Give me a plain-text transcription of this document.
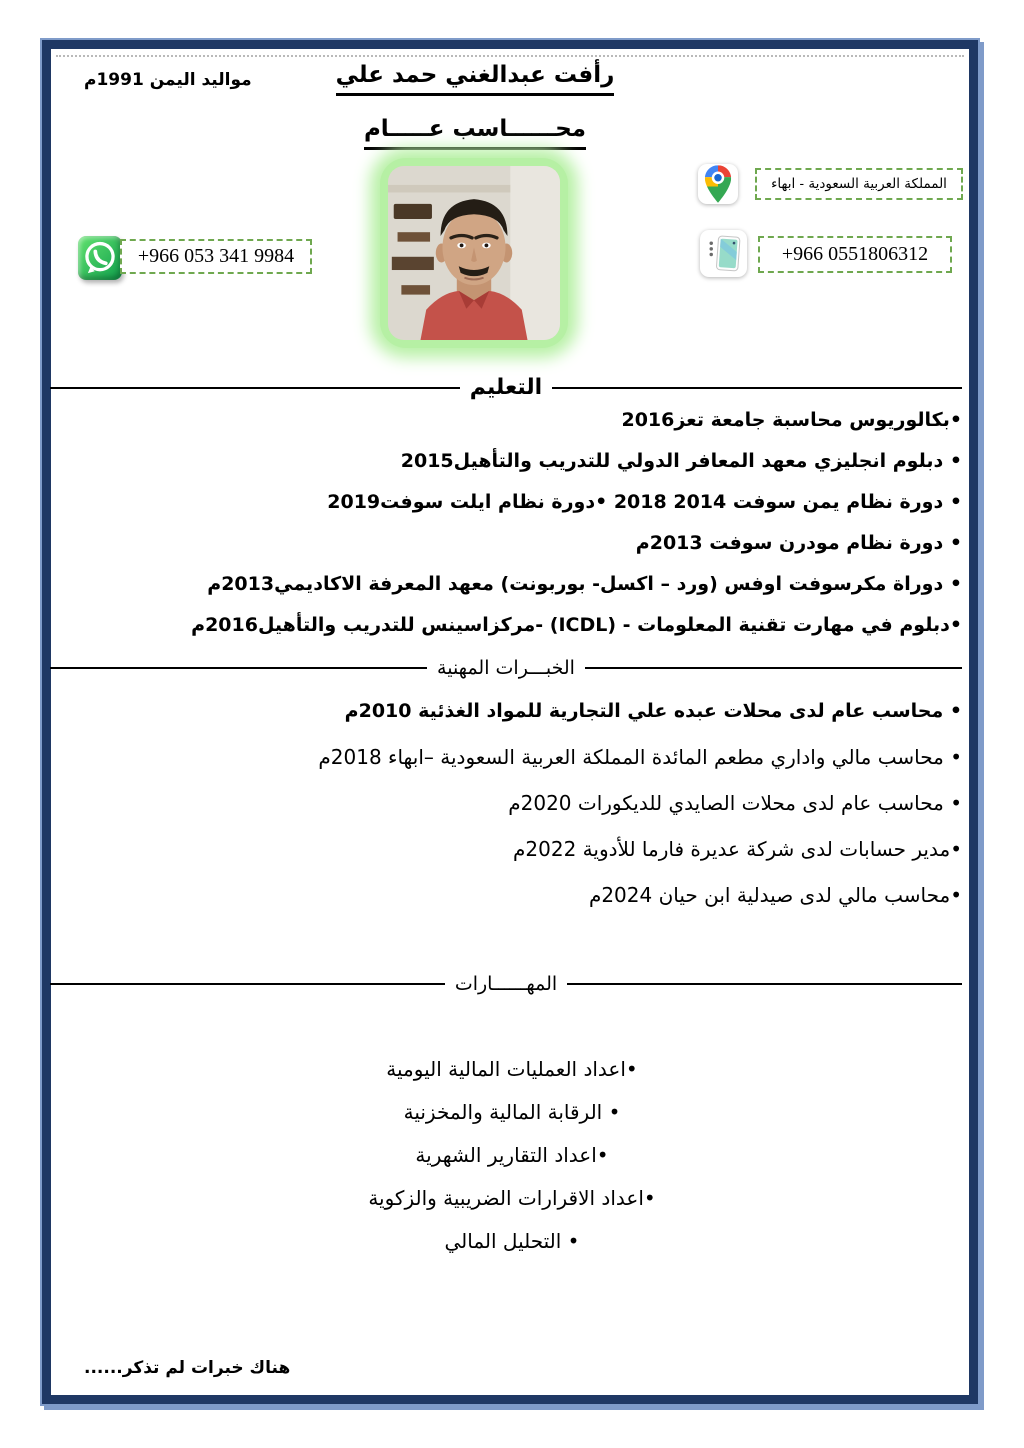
مواليد اليمن 1991م	رأفت عبدالغني حمد علي
محــــــاسب عـــــام
المملكة العربية السعودية - ابهاء
+966 0551806312
+966 053 341 9984
التعليم
•بكالوريوس محاسبة جامعة تعز2016
• دبلوم انجليزي معهد المعافر الدولي للتدريب والتأهيل2015
• دورة نظام يمن سوفت 2014 2018 •دورة نظام ايلت سوفت2019
• دورة نظام مودرن سوفت 2013م
• دوراة مكرسوفت اوفس (ورد – اكسل- بوربونت) معهد المعرفة الاكاديمي2013م
•دبلوم في مهارت تقنية المعلومات - (ICDL) -مركزاسينس للتدريب والتأهيل2016م
الخبـــرات المهنية
• محاسب عام لدى محلات عبده علي التجارية للمواد الغذئية 2010م
• محاسب مالي واداري مطعم المائدة المملكة العربية السعودية –ابهاء 2018م
• محاسب عام لدى محلات الصايدي للديكورات 2020م
•مدير حسابات لدى شركة عديرة فارما للأدوية 2022م
•محاسب مالي لدى صيدلية ابن حيان 2024م
المهــــــارات
•اعداد العمليات المالية اليومية
• الرقابة المالية والمخزنية
•اعداد التقارير الشهرية
•اعداد الاقرارات الضريبية والزكوية
• التحليل المالي
هناك خبرات لم تذكر......
